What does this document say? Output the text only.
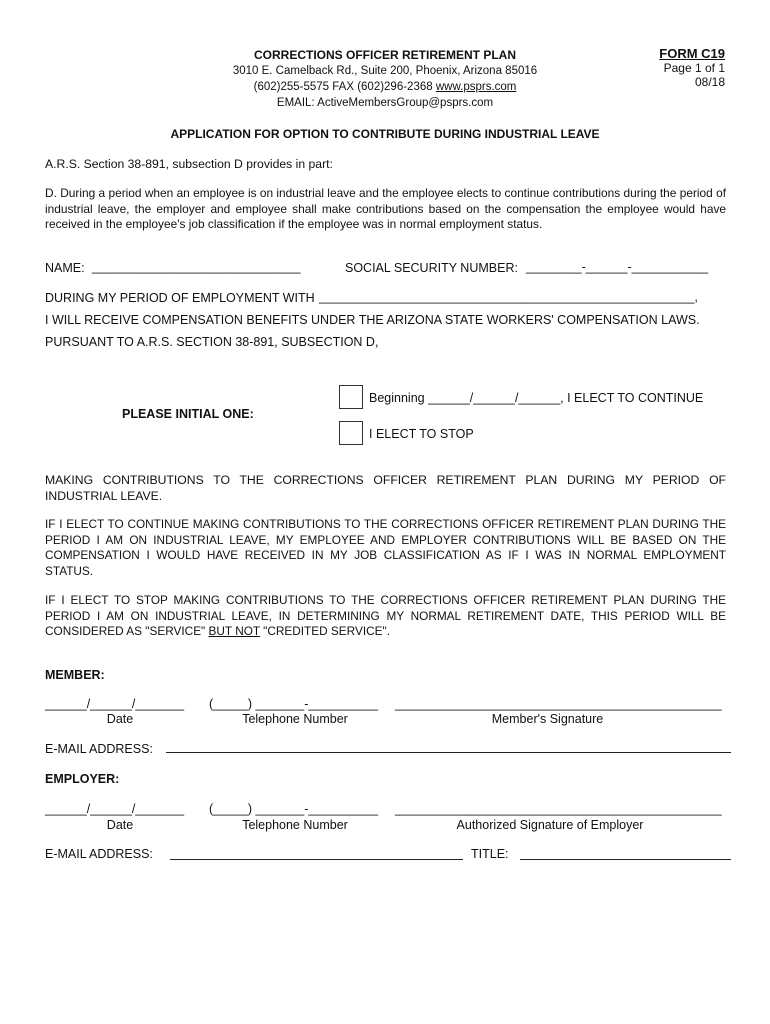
CORRECTIONS OFFICER RETIREMENT PLAN
3010 E. Camelback Rd., Suite 200, Phoenix, Arizona 85016
(602)255-5575 FAX (602)296-2368 www.psprs.com
EMAIL: ActiveMembersGroup@psprs.com
FORM C19
Page 1 of 1
08/18
APPLICATION FOR OPTION TO CONTRIBUTE DURING INDUSTRIAL LEAVE
A.R.S. Section 38-891, subsection D provides in part:
D. During a period when an employee is on industrial leave and the employee elects to continue contributions during the period of industrial leave, the employer and employee shall make contributions based on the compensation the employee would have received in the employee's job classification if the employee was in normal employment status.
NAME: ______________________________	SOCIAL SECURITY NUMBER: ________-______-___________
DURING MY PERIOD OF EMPLOYMENT WITH ______________________________________________________,
I WILL RECEIVE COMPENSATION BENEFITS UNDER THE ARIZONA STATE WORKERS' COMPENSATION LAWS.
PURSUANT TO A.R.S. SECTION 38-891, SUBSECTION D,
PLEASE INITIAL ONE:
Beginning ______/______/______, I ELECT TO CONTINUE
I ELECT TO STOP
MAKING CONTRIBUTIONS TO THE CORRECTIONS OFFICER RETIREMENT PLAN DURING MY PERIOD OF INDUSTRIAL LEAVE.
IF I ELECT TO CONTINUE MAKING CONTRIBUTIONS TO THE CORRECTIONS OFFICER RETIREMENT PLAN DURING THE PERIOD I AM ON INDUSTRIAL LEAVE, MY EMPLOYEE AND EMPLOYER CONTRIBUTIONS WILL BE BASED ON THE COMPENSATION I WOULD HAVE RECEIVED IN MY JOB CLASSIFICATION AS IF I WAS IN NORMAL EMPLOYMENT STATUS.
IF I ELECT TO STOP MAKING CONTRIBUTIONS TO THE CORRECTIONS OFFICER RETIREMENT PLAN DURING THE PERIOD I AM ON INDUSTRIAL LEAVE, IN DETERMINING MY NORMAL RETIREMENT DATE, THIS PERIOD WILL BE CONSIDERED AS "SERVICE" BUT NOT "CREDITED SERVICE".
MEMBER:
______/______/_______ (_____) _______-__________ _______________________________________________
Date	Telephone Number	Member's Signature
E-MAIL ADDRESS:
EMPLOYER:
______/______/_______ (_____) _______-__________ _______________________________________________
Date	Telephone Number	Authorized Signature of Employer
E-MAIL ADDRESS:	TITLE:
